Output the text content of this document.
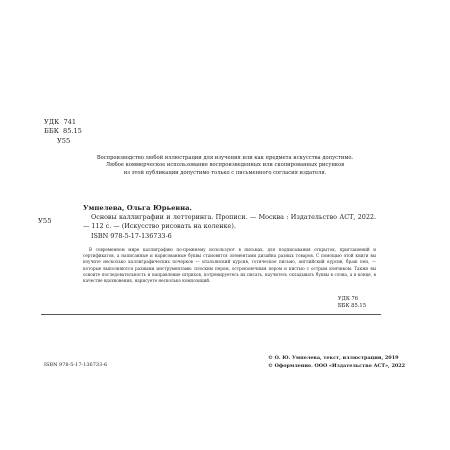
УДК 741
ББК 85.15
У55
Воспроизводство любой иллюстрации для изучения или как предмета искусства допустимо.
Любое коммерческое использование воспроизведенных или скопированных рисунков
из этой публикации допустимо только с письменного согласия издателя.
У55
Умпелева, Ольга Юрьевна.

Основы каллиграфии и леттеринга. Прописи. — Москва : Издательство АСТ, 2022. — 112 с. — (Искусство рисовать на коленке).

ISBN 978-5-17-136733-6

В современном мире каллиграфию по-прежнему используют в письмах, для подписывания открыток, приглашений и сертификатов, а написанные и нарисованные буквы становятся элементами дизайна разных товаров. С помощью этой книги вы изучите несколько каллиграфических почерков — итальянский курсив, готическое письмо, английский курсив, браш пен, — которые выполняются разными инструментами: плоским пером, остроконечным пером и кистью с острым кончиком. Также вы освоите последовательность и направление штрихов, потренируетесь их писать, научитесь складывать буквы в слова, а в конце, в качестве вдохновения, нарисуете несколько композиций.

УДК 76
ББК 85.15
ISBN 978-5-17-136733-6
© О. Ю. Умпелева, текст, иллюстрации, 2019
© Оформление. ООО «Издательство АСТ», 2022
